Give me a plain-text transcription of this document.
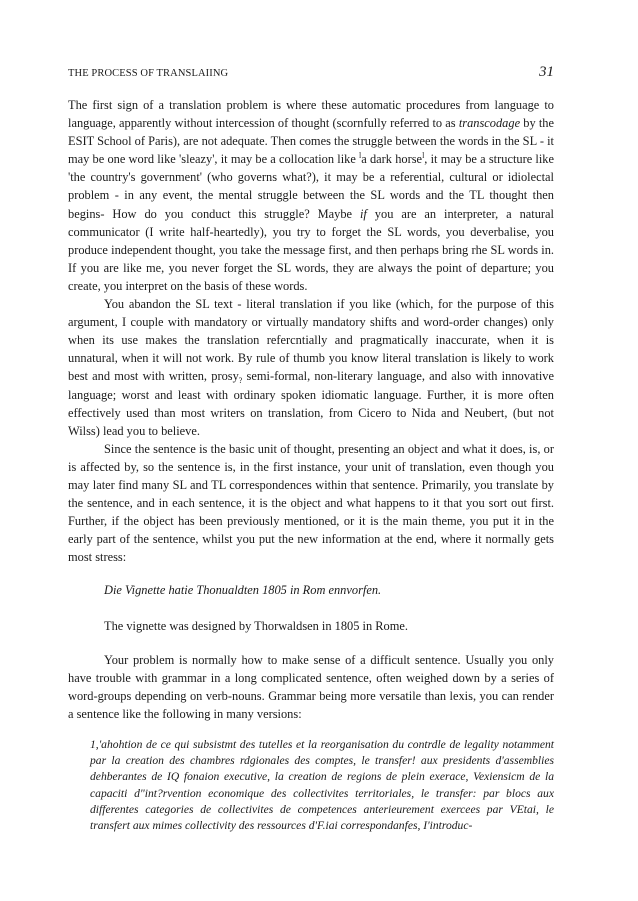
THE PROCESS OF TRANSLAIING	31

The first sign of a translation problem is where these automatic procedures from language to language, apparently without intercession of thought (scornfully referred to as transcodage by the ESIT School of Paris), are not adequate. Then comes the struggle between the words in the SL - it may be one word like 'sleazy', it may be a collocation like $^l$a dark horse$^l$, it may be a structure like 'the country's government' (who governs what?), it may be a referential, cultural or idiolectal problem - in any event, the mental struggle between the SL words and the TL thought then begins- How do you conduct this struggle? Maybe if you are an interpreter, a natural communicator (I write half-heartedly), you try to forget the SL words, you deverbalise, you produce independent thought, you take the message first, and then perhaps bring rhe SL words in. If you are like me, you never forget the SL words, they are always the point of departure; you create, you interpret on the basis of these words.

You abandon the SL text - literal translation if you like (which, for the purpose of this argument, I couple with mandatory or virtually mandatory shifts and word-order changes) only when its use makes the translation refercntially and pragmatically inaccurate, when it is unnatural, when it will not work. By rule of thumb you know literal translation is likely to work best and most with written, prosy$_?$ semi-formal, non-literary language, and also with innovative language; worst and least with ordinary spoken idiomatic language. Further, it is more often effectively used than most writers on translation, from Cicero to Nida and Neubert, (but not Wilss) lead you to believe.

Since the sentence is the basic unit of thought, presenting an object and what it does, is, or is affected by, so the sentence is, in the first instance, your unit of translation, even though you may later find many SL and TL correspondences within that sentence. Primarily, you translate by the sentence, and in each sentence, it is the object and what happens to it that you sort out first. Further, if the object has been previously mentioned, or it is the main theme, you put it in the early part of the sentence, whilst you put the new information at the end, where it normally gets most stress:

Die Vignette hatie Thonualdten 1805 in Rom ennvorfen.

The vignette was designed by Thorwaldsen in 1805 in Rome.

Your problem is normally how to make sense of a difficult sentence. Usually you only have trouble with grammar in a long complicated sentence, often weighed down by a series of word-groups depending on verb-nouns. Grammar being more versatile than lexis, you can render a sentence like the following in many versions:

1,'ahohtion de ce qui subsistmt des tutelles et la reorganisation du contrdle de legality notamment par la creation des chambres rdgionales des comptes, le transfer! aux presidents d'assemblies dehberantes de IQ fonaion executive, la creation de regions de plein exerace, Vexiensicm de la capaciti d"int?rvention economique des collectivites territoriales, le transfer: par blocs aux differentes categories de collectivites de competences anterieurement exercees par VEtai, le transfert aux mimes collectivity des ressources d'F.iai correspondanfes, I'introduc-
